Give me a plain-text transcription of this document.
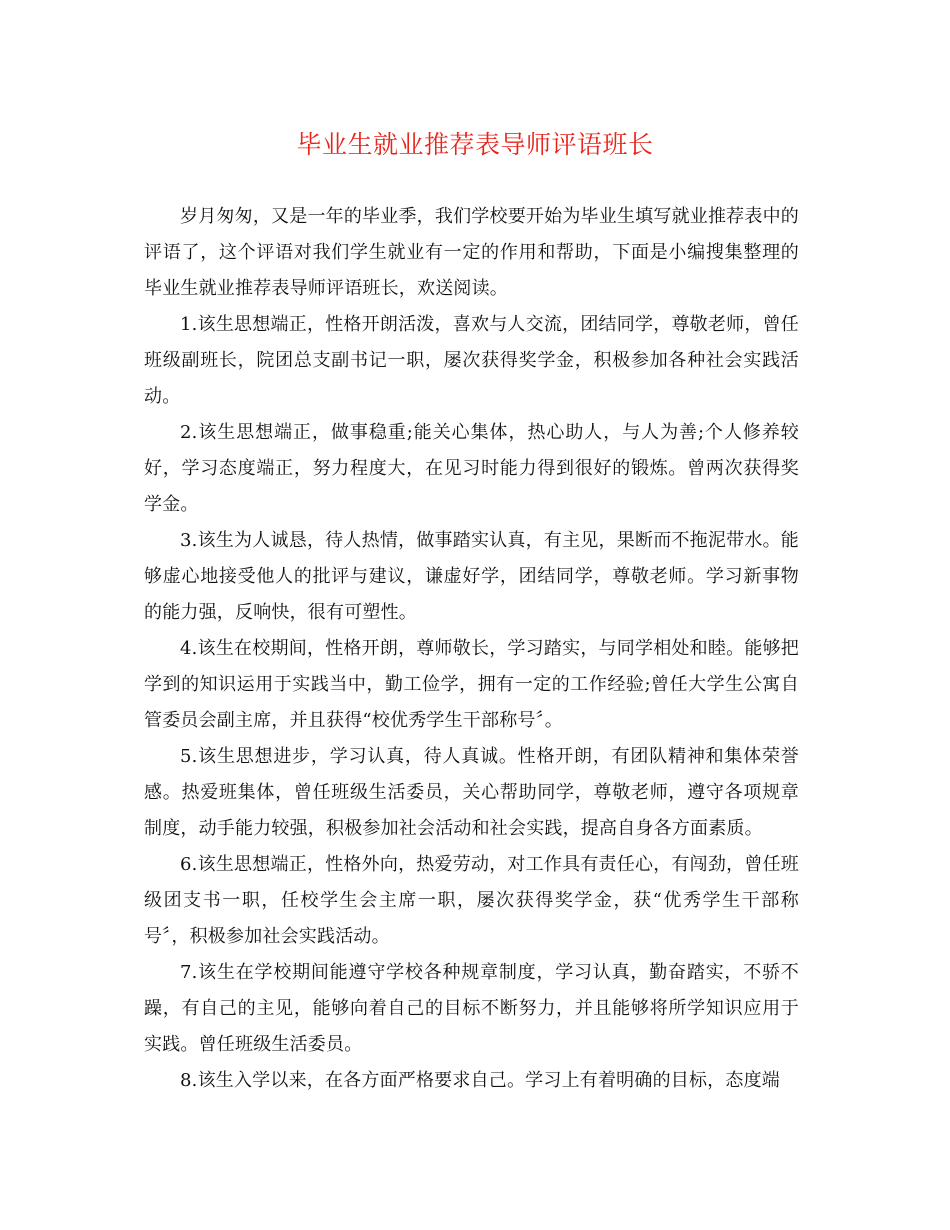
毕业生就业推荐表导师评语班长

岁月匆匆，又是一年的毕业季，我们学校要开始为毕业生填写就业推荐表中的评语了，这个评语对我们学生就业有一定的作用和帮助，下面是小编搜集整理的毕业生就业推荐表导师评语班长，欢送阅读。

1.该生思想端正，性格开朗活泼，喜欢与人交流，团结同学，尊敬老师，曾任班级副班长，院团总支副书记一职，屡次获得奖学金，积极参加各种社会实践活动。

2.该生思想端正，做事稳重;能关心集体，热心助人，与人为善;个人修养较好，学习态度端正，努力程度大，在见习时能力得到很好的锻炼。曾两次获得奖学金。

3.该生为人诚恳，待人热情，做事踏实认真，有主见，果断而不拖泥带水。能够虚心地接受他人的批评与建议，谦虚好学，团结同学，尊敬老师。学习新事物的能力强，反响快，很有可塑性。

4.该生在校期间，性格开朗，尊师敬长，学习踏实，与同学相处和睦。能够把学到的知识运用于实践当中，勤工俭学，拥有一定的工作经验;曾任大学生公寓自管委员会副主席，并且获得“校优秀学生干部称号〞。

5.该生思想进步，学习认真，待人真诚。性格开朗，有团队精神和集体荣誉感。热爱班集体，曾任班级生活委员，关心帮助同学，尊敬老师，遵守各项规章制度，动手能力较强，积极参加社会活动和社会实践，提高自身各方面素质。

6.该生思想端正，性格外向，热爱劳动，对工作具有责任心，有闯劲，曾任班级团支书一职，任校学生会主席一职，屡次获得奖学金，获“优秀学生干部称号〞，积极参加社会实践活动。

7.该生在学校期间能遵守学校各种规章制度，学习认真，勤奋踏实，不骄不躁，有自己的主见，能够向着自己的目标不断努力，并且能够将所学知识应用于实践。曾任班级生活委员。

8.该生入学以来，在各方面严格要求自己。学习上有着明确的目标，态度端
